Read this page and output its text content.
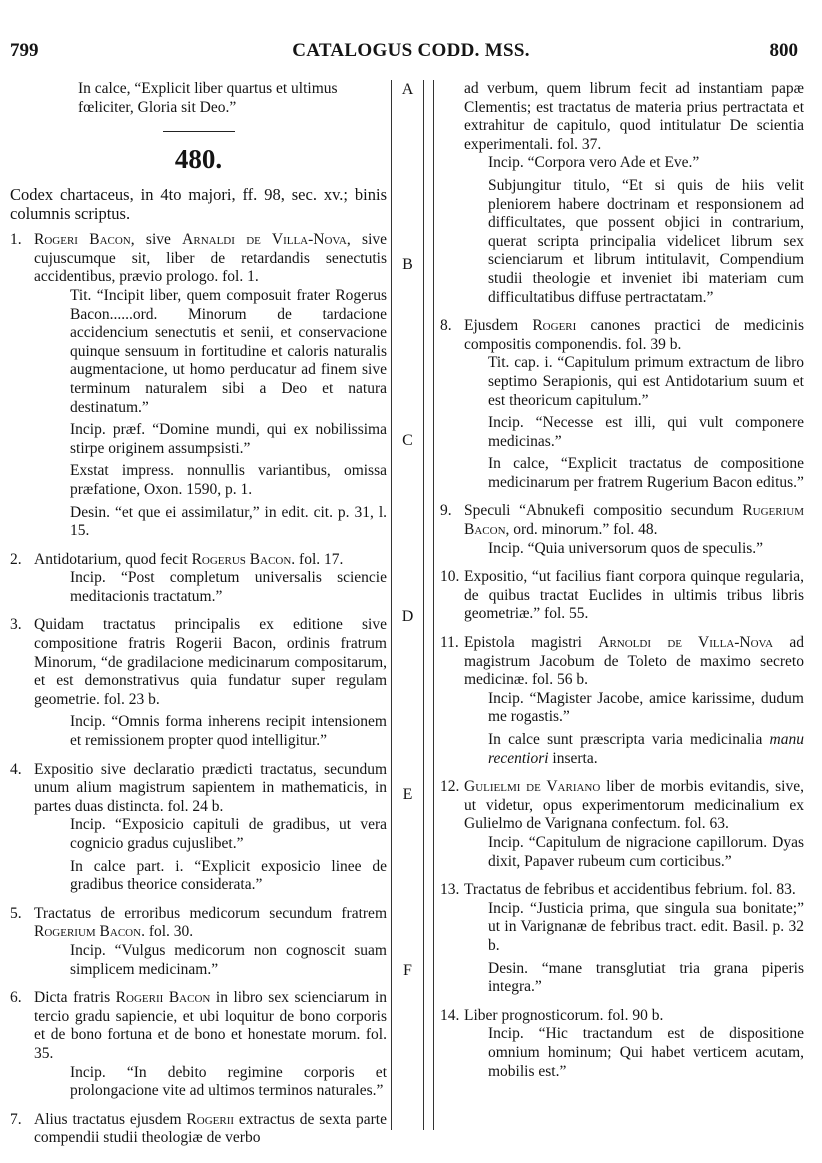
799	CATALOGUS CODD. MSS.	800
A
B
C
D
E
F

In calce, “Explicit liber quartus et ultimus

fœliciter, Gloria sit Deo.”

480.
Codex chartaceus, in 4to majori, ff. 98, sec. xv.; binis columnis scriptus.
1. Rogeri Bacon, sive Arnaldi de Villa-Nova, sive cujuscumque sit, liber de retardandis senectutis accidentibus, prævio prologo. fol. 1.

Tit. “Incipit liber, quem composuit frater Rogerus Bacon......ord. Minorum de tardacione accidencium senectutis et senii, et conservacione quinque sensuum in fortitudine et caloris naturalis augmentacione, ut homo perducatur ad finem sive terminum naturalem sibi a Deo et natura destinatum.”

Incip. præf. “Domine mundi, qui ex nobilissima stirpe originem assumpsisti.”

Exstat impress. nonnullis variantibus, omissa præfatione, Oxon. 1590, p. 1.

Desin. “et que ei assimilatur,” in edit. cit. p. 31, l. 15.

2. Antidotarium, quod fecit Rogerus Bacon. fol. 17.

Incip. “Post completum universalis sciencie meditacionis tractatum.”

3. Quidam tractatus principalis ex editione sive compositione fratris Rogerii Bacon, ordinis fratrum Minorum, “de gradilacione medicinarum compositarum, et est demonstrativus quia fundatur super regulam geometrie. fol. 23 b.

Incip. “Omnis forma inherens recipit intensionem et remissionem propter quod intelligitur.”

4. Expositio sive declaratio prædicti tractatus, secundum unum alium magistrum sapientem in mathematicis, in partes duas distincta. fol. 24 b.

Incip. “Exposicio capituli de gradibus, ut vera cognicio gradus cujuslibet.”

In calce part. i. “Explicit exposicio linee de gradibus theorice considerata.”

5. Tractatus de erroribus medicorum secundum fratrem Rogerium Bacon. fol. 30.

Incip. “Vulgus medicorum non cognoscit suam simplicem medicinam.”

6. Dicta fratris Rogerii Bacon in libro sex scienciarum in tercio gradu sapiencie, et ubi loquitur de bono corporis et de bono fortuna et de bono et honestate morum. fol. 35.

Incip. “In debito regimine corporis et prolongacione vite ad ultimos terminos naturales.”

7. Alius tractatus ejusdem Rogerii extractus de sexta parte compendii studii theologiæ de verbo

ad verbum, quem librum fecit ad instantiam papæ Clementis; est tractatus de materia prius pertractata et extrahitur de capitulo, quod intitulatur De scientia experimentali. fol. 37.

Incip. “Corpora vero Ade et Eve.”

Subjungitur titulo, “Et si quis de hiis velit pleniorem habere doctrinam et responsionem ad difficultates, que possent objici in contrarium, querat scripta principalia videlicet librum sex scienciarum et librum intitulavit, Compendium studii theologie et inveniet ibi materiam cum difficultatibus diffuse pertractatam.”

8. Ejusdem Rogeri canones practici de medicinis compositis componendis. fol. 39 b.

Tit. cap. i. “Capitulum primum extractum de libro septimo Serapionis, qui est Antidotarium suum et est theoricum capitulum.”

Incip. “Necesse est illi, qui vult componere medicinas.”

In calce, “Explicit tractatus de compositione medicinarum per fratrem Rugerium Bacon editus.”

9. Speculi “Abnukefi compositio secundum Rugerium Bacon, ord. minorum.” fol. 48.

Incip. “Quia universorum quos de speculis.”

10. Expositio, “ut facilius fiant corpora quinque regularia, de quibus tractat Euclides in ultimis tribus libris geometriæ.” fol. 55.

11. Epistola magistri Arnoldi de Villa-Nova ad magistrum Jacobum de Toleto de maximo secreto medicinæ. fol. 56 b.

Incip. “Magister Jacobe, amice karissime, dudum me rogastis.”

In calce sunt præscripta varia medicinalia manu recentiori inserta.

12. Gulielmi de Variano liber de morbis evitandis, sive, ut videtur, opus experimentorum medicinalium ex Gulielmo de Varignana confectum. fol. 63.

Incip. “Capitulum de nigracione capillorum. Dyas dixit, Papaver rubeum cum corticibus.”

13. Tractatus de febribus et accidentibus febrium. fol. 83.

Incip. “Justicia prima, que singula sua bonitate;” ut in Varignanæ de febribus tract. edit. Basil. p. 32 b.

Desin. “mane transglutiat tria grana piperis integra.”

14. Liber prognosticorum. fol. 90 b.

Incip. “Hic tractandum est de dispositione omnium hominum; Qui habet verticem acutam, mobilis est.”
